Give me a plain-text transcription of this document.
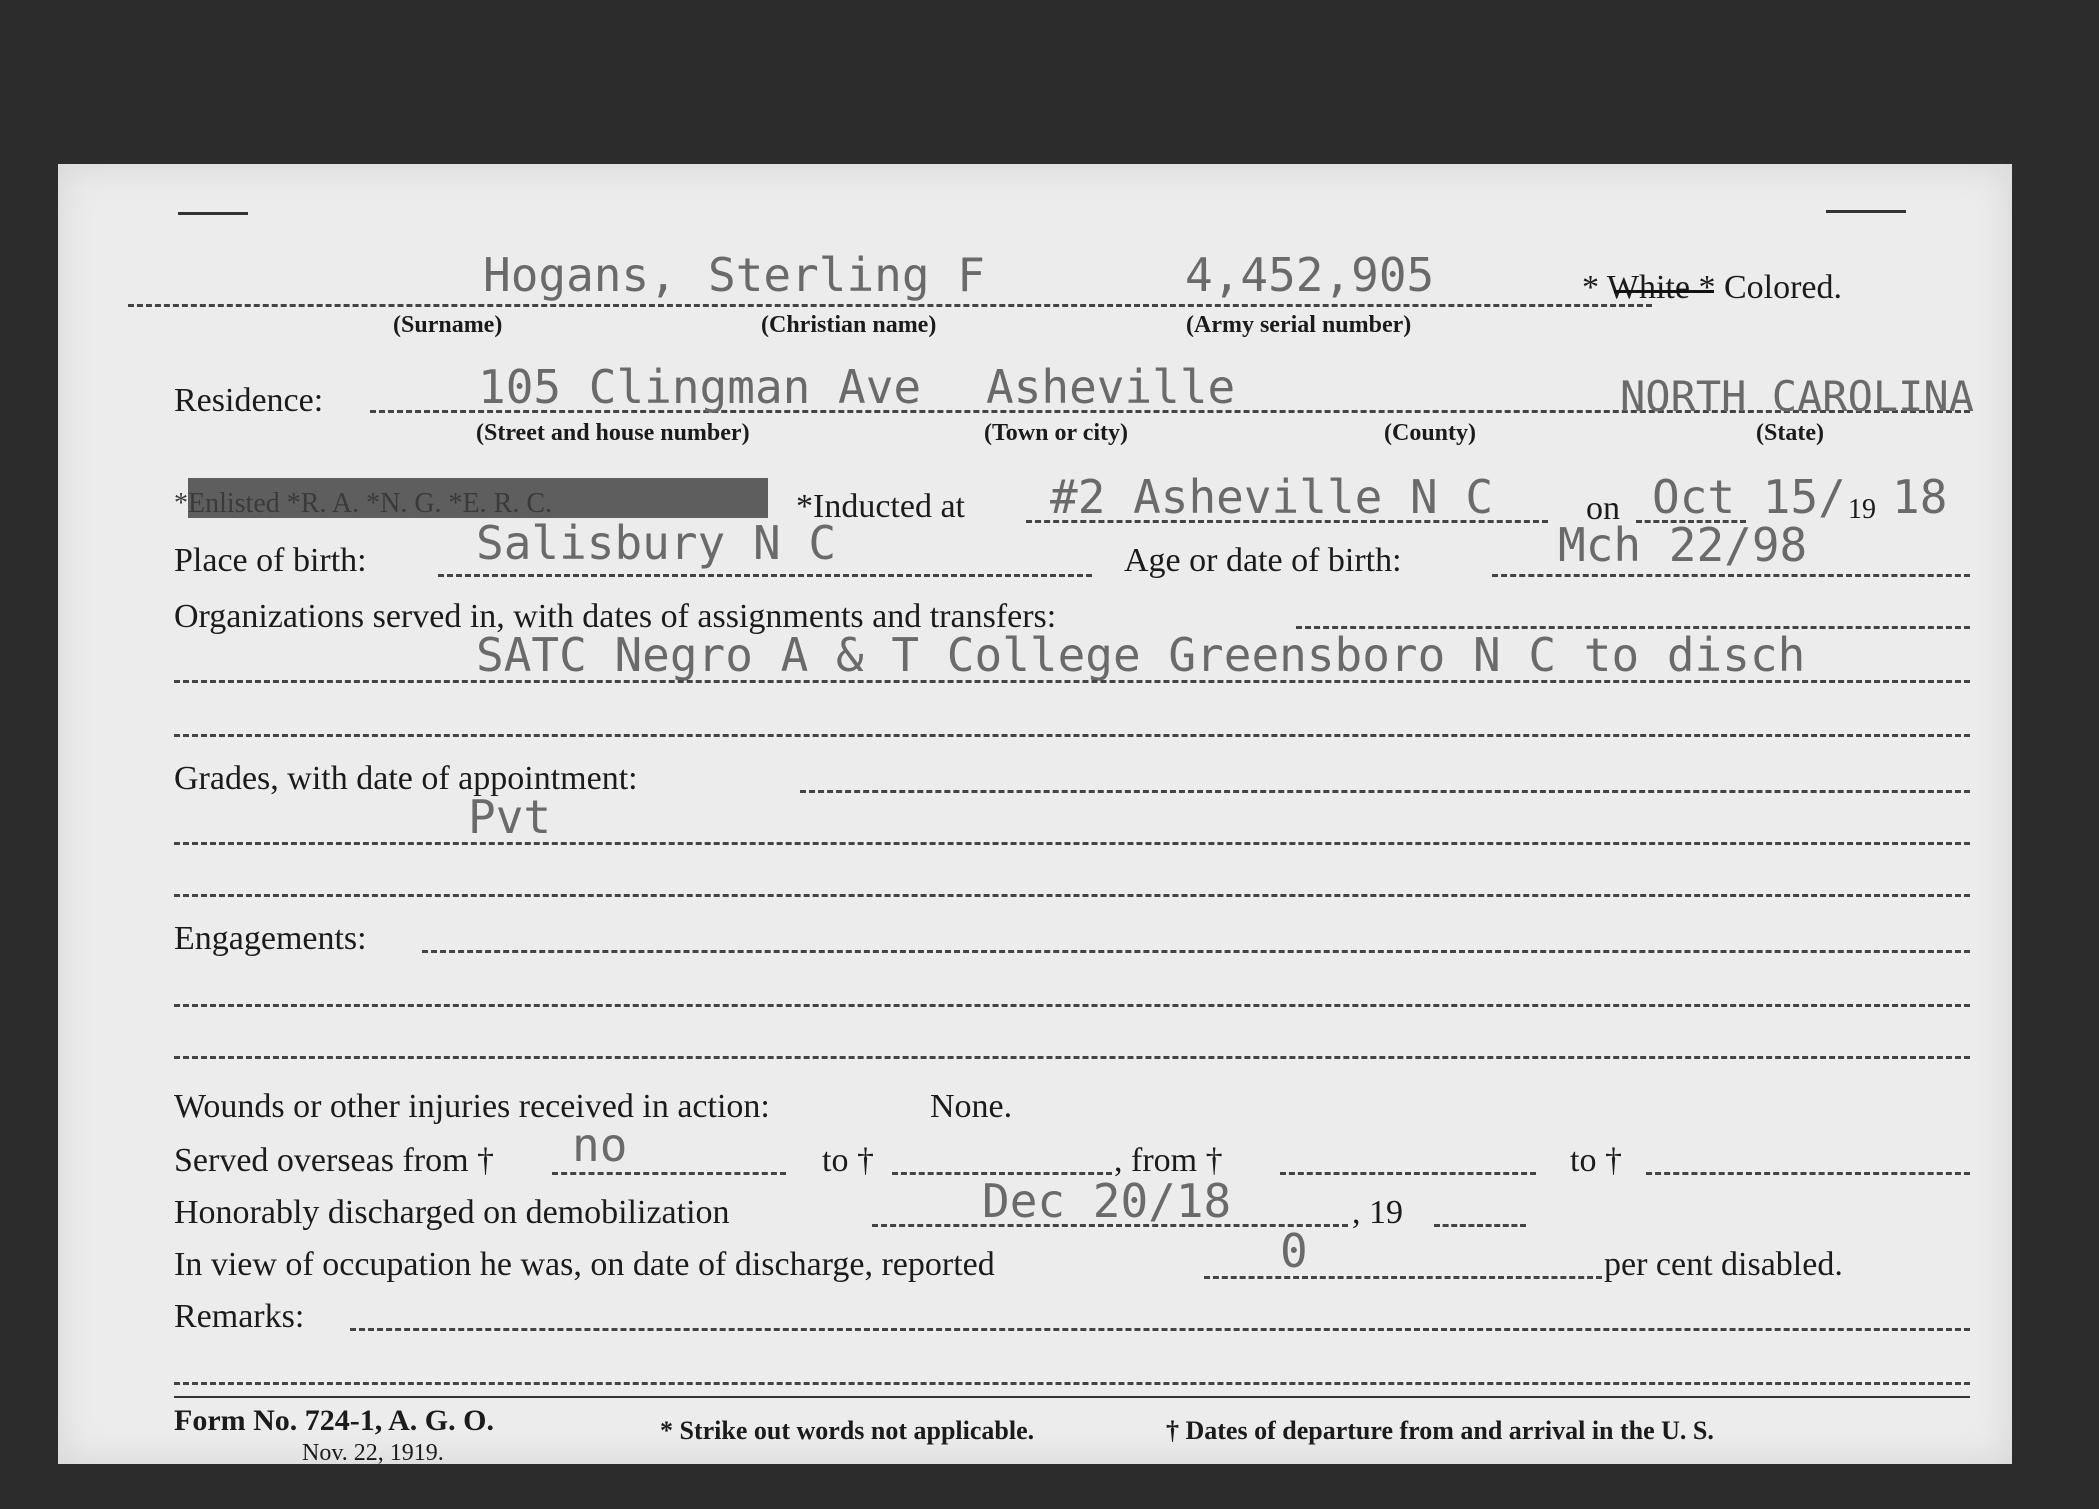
Hogans, Sterling F	4,452,905	* White * Colored.
(Surname)	(Christian name)	(Army serial number)
Residence:	105 Clingman Ave Asheville	NORTH CAROLINA
(Street and house number)	(Town or city)	(County)	(State)
*Enlisted *R. A. *N. G. *E. R. C.	*Inducted at #2 Asheville N C	on Oct 15/ 19 18
Place of birth: Salisbury N C	Age or date of birth:	Mch 22/98
Organizations served in, with dates of assignments and transfers:
SATC Negro A & T College Greensboro N C to disch
Grades, with date of appointment:
Pvt
Engagements:
Wounds or other injuries received in action:	None.
Served overseas from † no	to †	, from †	to †
Honorably discharged on demobilization	Dec 20/18	, 19
In view of occupation he was, on date of discharge, reported	0	per cent disabled.
Remarks:
Form No. 724-1, A. G. O.
Nov. 22, 1919.
* Strike out words not applicable.	† Dates of departure from and arrival in the U. S.
